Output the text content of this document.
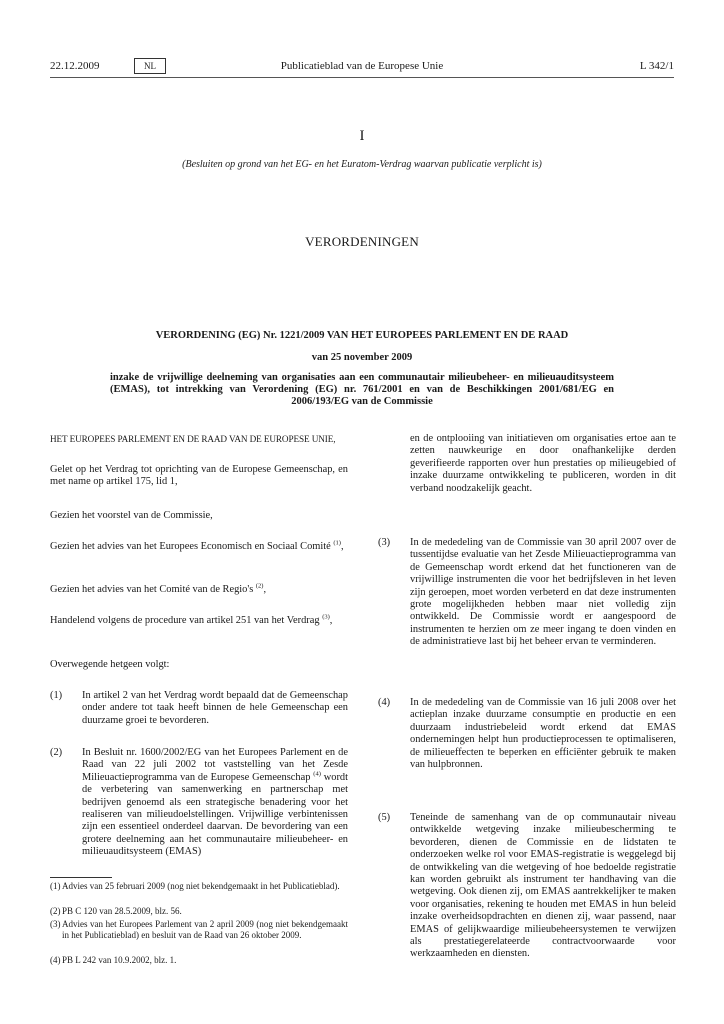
22.12.2009	NL	Publicatieblad van de Europese Unie	L 342/1
I
(Besluiten op grond van het EG- en het Euratom-Verdrag waarvan publicatie verplicht is)
VERORDENINGEN
VERORDENING (EG) Nr. 1221/2009 VAN HET EUROPEES PARLEMENT EN DE RAAD
van 25 november 2009
inzake de vrijwillige deelneming van organisaties aan een communautair milieubeheer- en milieuauditsysteem (EMAS), tot intrekking van Verordening (EG) nr. 761/2001 en van de Beschikkingen 2001/681/EG en 2006/193/EG van de Commissie

HET EUROPEES PARLEMENT EN DE RAAD VAN DE EUROPESE UNIE,

Gelet op het Verdrag tot oprichting van de Europese Gemeenschap, en met name op artikel 175, lid 1,

Gezien het voorstel van de Commissie,

Gezien het advies van het Europees Economisch en Sociaal Comité $^{(1)}$,

Gezien het advies van het Comité van de Regio's $^{(2)}$,

Handelend volgens de procedure van artikel 251 van het Verdrag $^{(3)}$,

Overwegende hetgeen volgt:

(1) In artikel 2 van het Verdrag wordt bepaald dat de Gemeenschap onder andere tot taak heeft binnen de hele Gemeenschap een duurzame groei te bevorderen.
(2) In Besluit nr. 1600/2002/EG van het Europees Parlement en de Raad van 22 juli 2002 tot vaststelling van het Zesde Milieuactieprogramma van de Europese Gemeenschap $^{(4)}$ wordt de verbetering van samenwerking en partnerschap met bedrijven genoemd als een strategische benadering voor het realiseren van milieudoelstellingen. Vrijwillige verbintenissen zijn een essentieel onderdeel daarvan. De bevordering van een grotere deelneming aan het communautaire milieubeheer- en milieuauditsysteem (EMAS)
(1) Advies van 25 februari 2009 (nog niet bekendgemaakt in het Publicatieblad).
(2) PB C 120 van 28.5.2009, blz. 56.
(3) Advies van het Europees Parlement van 2 april 2009 (nog niet bekendgemaakt in het Publicatieblad) en besluit van de Raad van 26 oktober 2009.
(4) PB L 242 van 10.9.2002, blz. 1.

en de ontplooiing van initiatieven om organisaties ertoe aan te zetten nauwkeurige en door onafhankelijke derden geverifieerde rapporten over hun prestaties op milieugebied of inzake duurzame ontwikkeling te publiceren, worden in dit verband noodzakelijk geacht.

(3) In de mededeling van de Commissie van 30 april 2007 over de tussentijdse evaluatie van het Zesde Milieuactieprogramma van de Gemeenschap wordt erkend dat het functioneren van de vrijwillige instrumenten die voor het bedrijfsleven in het leven zijn geroepen, moet worden verbeterd en dat deze instrumenten grote mogelijkheden hebben maar niet volledig zijn ontwikkeld. De Commissie wordt er aangespoord de instrumenten te herzien om ze meer ingang te doen vinden en de administratieve last bij het beheer ervan te verminderen.
(4) In de mededeling van de Commissie van 16 juli 2008 over het actieplan inzake duurzame consumptie en productie en een duurzaam industriebeleid wordt erkend dat EMAS ondernemingen helpt hun productieprocessen te optimaliseren, de milieueffecten te beperken en efficiënter gebruik te maken van hulpbronnen.
(5) Teneinde de samenhang van de op communautair niveau ontwikkelde wetgeving inzake milieubescherming te bevorderen, dienen de Commissie en de lidstaten te onderzoeken welke rol voor EMAS-registratie is weggelegd bij de ontwikkeling van die wetgeving of hoe bedoelde registratie kan worden gebruikt als instrument ter handhaving van die wetgeving. Ook dienen zij, om EMAS aantrekkelijker te maken voor organisaties, rekening te houden met EMAS in hun beleid inzake overheidsopdrachten en dienen zij, waar passend, naar EMAS of gelijkwaardige milieubeheersystemen te verwijzen als prestatiegerelateerde contractvoorwaarde voor werkzaamheden en diensten.
